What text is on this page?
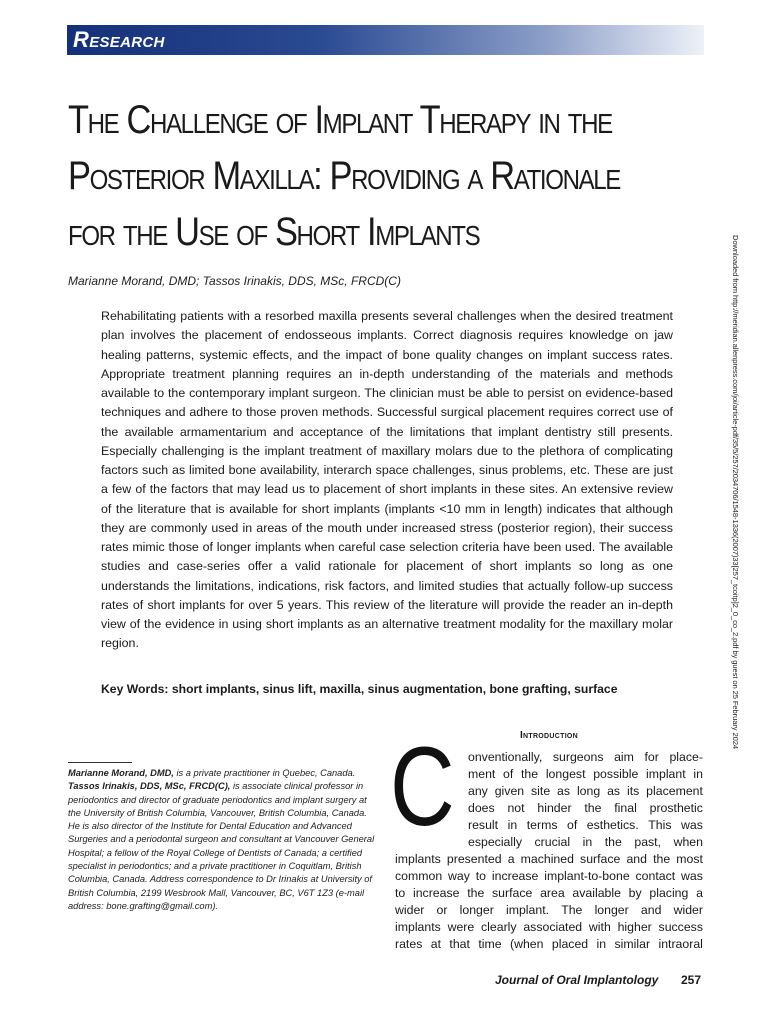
Research
The Challenge of Implant Therapy in the
Posterior Maxilla: Providing a Rationale
for the Use of Short Implants
Marianne Morand, DMD; Tassos Irinakis, DDS, MSc, FRCD(C)

Rehabilitating patients with a resorbed maxilla presents several challenges when the desired treatment plan involves the placement of endosseous implants. Correct diagnosis requires knowledge on jaw healing patterns, systemic effects, and the impact of bone quality changes on implant success rates. Appropriate treatment planning requires an in-depth understanding of the materials and methods available to the contemporary implant surgeon. The clinician must be able to persist on evidence-based techniques and adhere to those proven methods. Successful surgical placement requires correct use of the available armamentarium and acceptance of the limitations that implant dentistry still presents. Especially challenging is the implant treatment of maxillary molars due to the plethora of complicating factors such as limited bone availability, interarch space challenges, sinus problems, etc. These are just a few of the factors that may lead us to placement of short implants in these sites. An extensive review of the literature that is available for short implants (implants <10 mm in length) indicates that although they are commonly used in areas of the mouth under increased stress (posterior region), their success rates mimic those of longer implants when careful case selection criteria have been used. The available studies and case-series offer a valid rationale for placement of short implants so long as one understands the limitations, indications, risk factors, and limited studies that actually follow-up success rates of short implants for over 5 years. This review of the literature will provide the reader an in-depth view of the evidence in using short implants as an alternative treatment modality for the maxillary molar region.

Key Words: short implants, sinus lift, maxilla, sinus augmentation, bone grafting, surface

Marianne Morand, DMD, is a private practitioner in Quebec, Canada.

Tassos Irinakis, DDS, MSc, FRCD(C), is associate clinical professor in periodontics and director of graduate periodontics and implant surgery at the University of British Columbia, Vancouver, British Columbia, Canada. He is also director of the Institute for Dental Education and Advanced Surgeries and a periodontal surgeon and consultant at Vancouver General Hospital; a fellow of the Royal College of Dentists of Canada; a certified specialist in periodontics; and a private practitioner in Coquitlam, British Columbia, Canada. Address correspondence to Dr Irinakis at University of British Columbia, 2199 Wesbrook Mall, Vancouver, BC, V6T 1Z3 (e-mail address: bone.grafting@gmail.com).

Introduction
C onventionally, surgeons aim for place-
ment of the longest possible implant in
any given site as long as its placement
does not hinder the final prosthetic
result in terms of esthetics. This was
especially crucial in the past, when
implants presented a machined surface and the most
common way to increase implant-to-bone contact was
to increase the surface area available by placing a
wider or longer implant. The longer and wider
implants were clearly associated with higher success
rates at that time (when placed in similar intraoral
Journal of Oral Implantology 257
Downloaded from http://meridian.allenpress.com/joi/article-pdf/35/5/257/2034706/1548-1336(2007)33[257_tcoitp]2_0_co_2.pdf by guest on 25 February 2024
